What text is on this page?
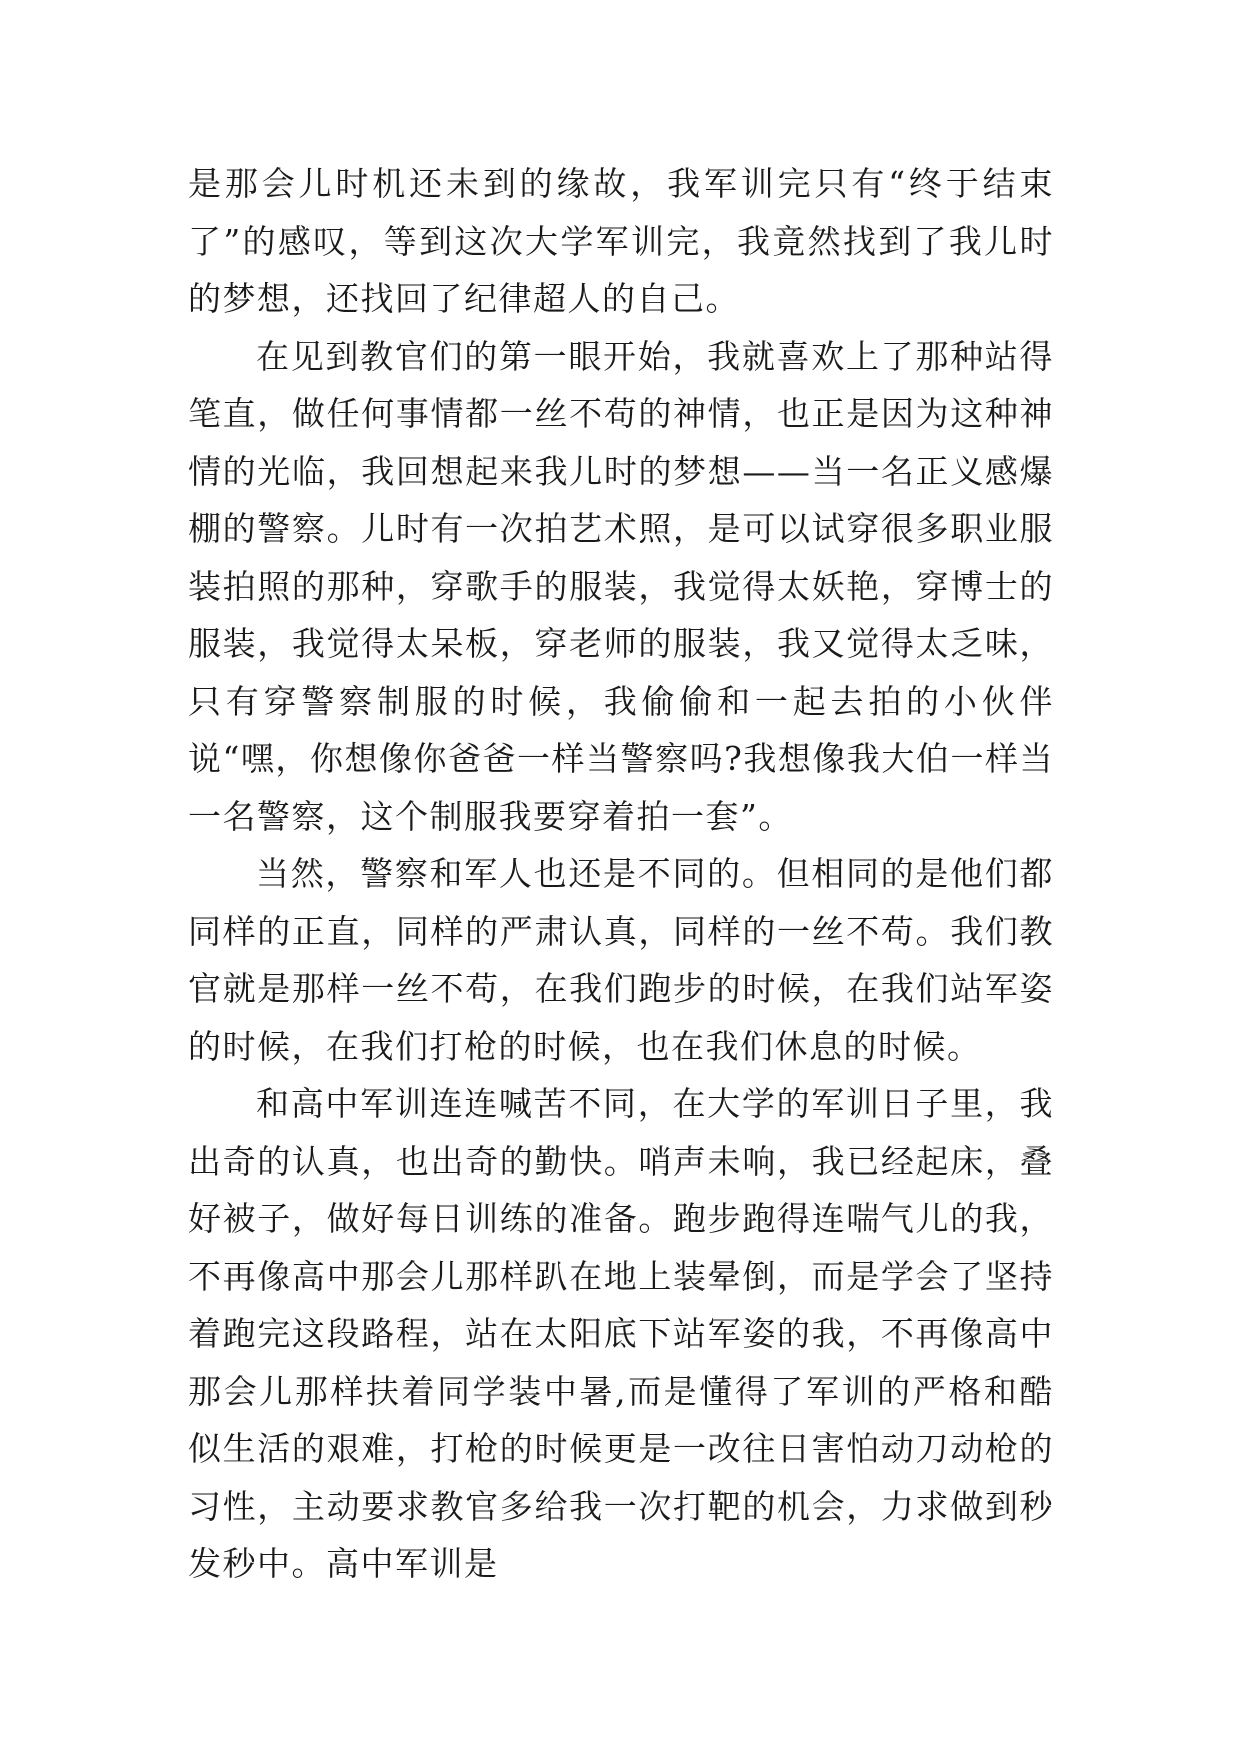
是那会儿时机还未到的缘故，我军训完只有“终于结束了”的感叹，等到这次大学军训完，我竟然找到了我儿时的梦想，还找回了纪律超人的自己。

在见到教官们的第一眼开始，我就喜欢上了那种站得笔直，做任何事情都一丝不苟的神情，也正是因为这种神情的光临，我回想起来我儿时的梦想——当一名正义感爆棚的警察。儿时有一次拍艺术照，是可以试穿很多职业服装拍照的那种，穿歌手的服装，我觉得太妖艳，穿博士的服装，我觉得太呆板，穿老师的服装，我又觉得太乏味，只有穿警察制服的时候，我偷偷和一起去拍的小伙伴说“嘿，你想像你爸爸一样当警察吗?我想像我大伯一样当一名警察，这个制服我要穿着拍一套”。

当然，警察和军人也还是不同的。但相同的是他们都同样的正直，同样的严肃认真，同样的一丝不苟。我们教官就是那样一丝不苟，在我们跑步的时候，在我们站军姿的时候，在我们打枪的时候，也在我们休息的时候。

和高中军训连连喊苦不同，在大学的军训日子里，我出奇的认真，也出奇的勤快。哨声未响，我已经起床，叠好被子，做好每日训练的准备。跑步跑得连喘气儿的我，不再像高中那会儿那样趴在地上装晕倒，而是学会了坚持着跑完这段路程，站在太阳底下站军姿的我，不再像高中那会儿那样扶着同学装中暑,而是懂得了军训的严格和酷似生活的艰难，打枪的时候更是一改往日害怕动刀动枪的习性，主动要求教官多给我一次打靶的机会，力求做到秒发秒中。高中军训是
